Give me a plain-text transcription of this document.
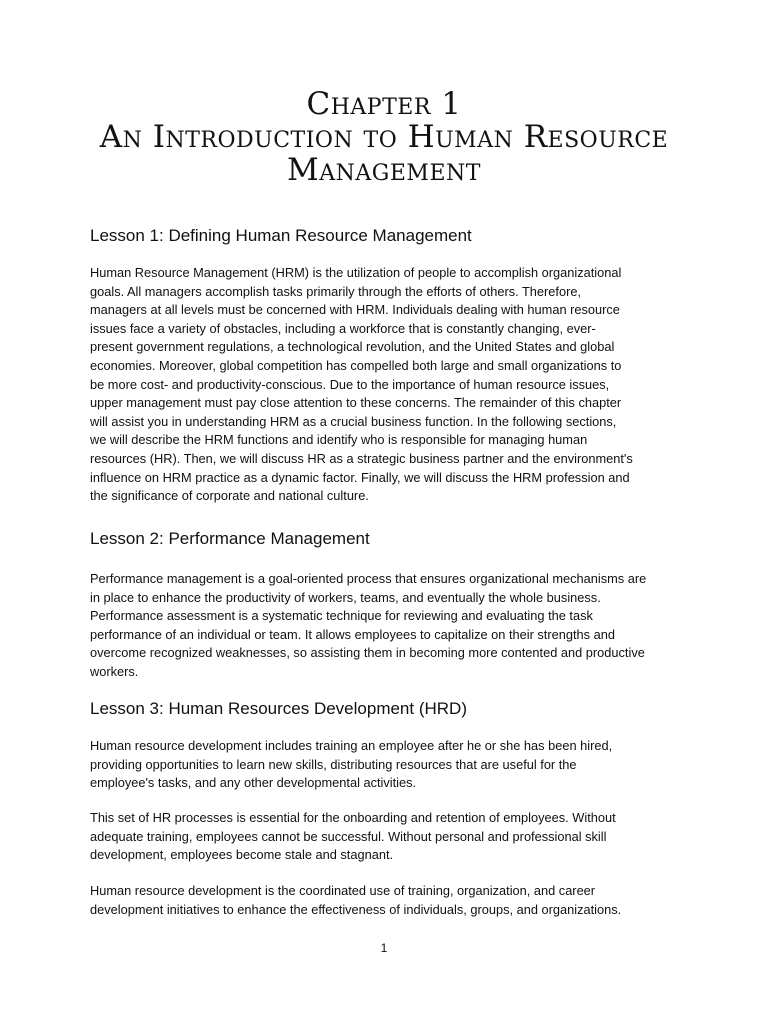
Chapter 1
An Introduction to Human Resource
Management
Lesson 1: Defining Human Resource Management
Human Resource Management (HRM) is the utilization of people to accomplish organizational
goals. All managers accomplish tasks primarily through the efforts of others. Therefore,
managers at all levels must be concerned with HRM. Individuals dealing with human resource
issues face a variety of obstacles, including a workforce that is constantly changing, ever-
present government regulations, a technological revolution, and the United States and global
economies. Moreover, global competition has compelled both large and small organizations to
be more cost- and productivity-conscious. Due to the importance of human resource issues,
upper management must pay close attention to these concerns. The remainder of this chapter
will assist you in understanding HRM as a crucial business function. In the following sections,
we will describe the HRM functions and identify who is responsible for managing human
resources (HR). Then, we will discuss HR as a strategic business partner and the environment's
influence on HRM practice as a dynamic factor. Finally, we will discuss the HRM profession and
the significance of corporate and national culture.
Lesson 2: Performance Management
Performance management is a goal-oriented process that ensures organizational mechanisms are
in place to enhance the productivity of workers, teams, and eventually the whole business.
Performance assessment is a systematic technique for reviewing and evaluating the task
performance of an individual or team. It allows employees to capitalize on their strengths and
overcome recognized weaknesses, so assisting them in becoming more contented and productive
workers.
Lesson 3: Human Resources Development (HRD)
Human resource development includes training an employee after he or she has been hired,
providing opportunities to learn new skills, distributing resources that are useful for the
employee's tasks, and any other developmental activities.
This set of HR processes is essential for the onboarding and retention of employees. Without
adequate training, employees cannot be successful. Without personal and professional skill
development, employees become stale and stagnant.
Human resource development is the coordinated use of training, organization, and career
development initiatives to enhance the effectiveness of individuals, groups, and organizations.
1
